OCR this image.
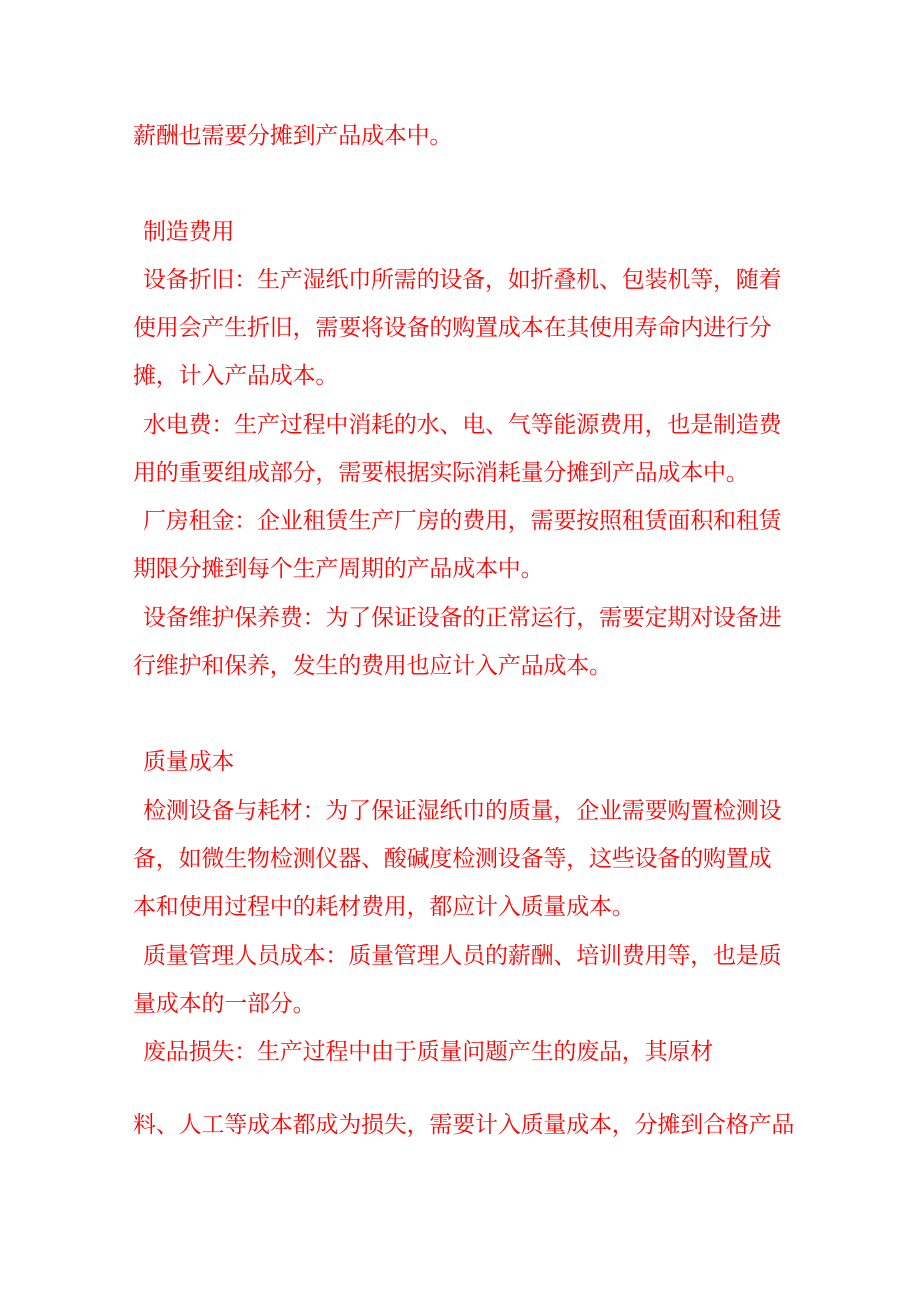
薪酬也需要分摊到产品成本中。
制造费用
设备折旧：生产湿纸巾所需的设备，如折叠机、包装机等，随着
使用会产生折旧，需要将设备的购置成本在其使用寿命内进行分
摊，计入产品成本。
水电费：生产过程中消耗的水、电、气等能源费用，也是制造费
用的重要组成部分，需要根据实际消耗量分摊到产品成本中。
厂房租金：企业租赁生产厂房的费用，需要按照租赁面积和租赁
期限分摊到每个生产周期的产品成本中。
设备维护保养费：为了保证设备的正常运行，需要定期对设备进
行维护和保养，发生的费用也应计入产品成本。
质量成本
检测设备与耗材：为了保证湿纸巾的质量，企业需要购置检测设
备，如微生物检测仪器、酸碱度检测设备等，这些设备的购置成
本和使用过程中的耗材费用，都应计入质量成本。
质量管理人员成本：质量管理人员的薪酬、培训费用等，也是质
量成本的一部分。
废品损失：生产过程中由于质量问题产生的废品，其原材
料、人工等成本都成为损失，需要计入质量成本，分摊到合格产品
